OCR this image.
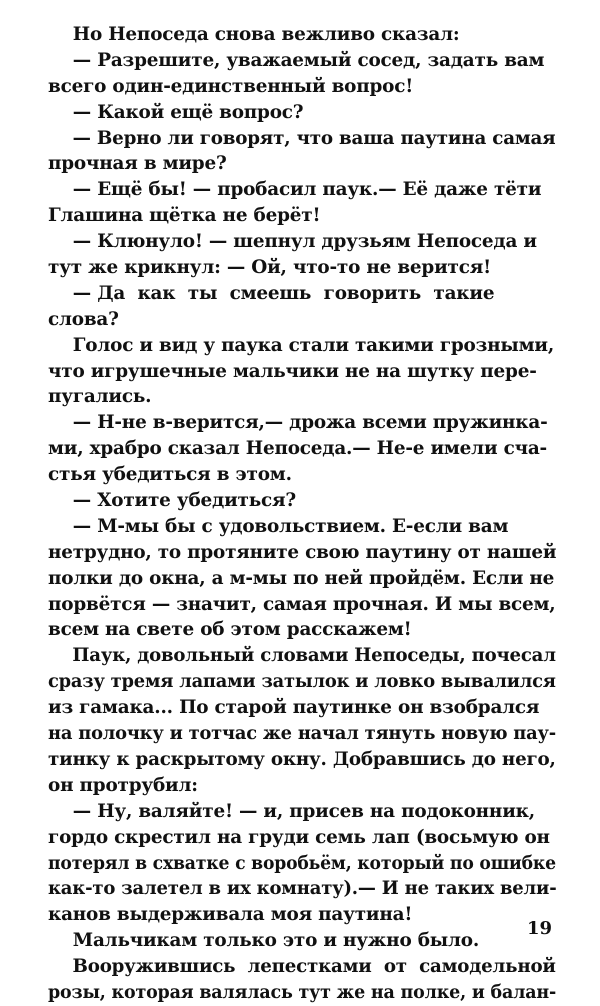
Но Непоседа снова вежливо сказал:
— Разрешите, уважаемый сосед, задать вам
всего один-единственный вопрос!
— Какой ещё вопрос?
— Верно ли говорят, что ваша паутина самая
прочная в мире?
— Ещё бы! — пробасил паук.— Её даже тёти
Глашина щётка не берёт!
— Клюнуло! — шепнул друзьям Непоседа и
тут же крикнул: — Ой, что-то не верится!
— Да  как  ты  смеешь  говорить  такие
слова?
Голос и вид у паука стали такими грозными,
что игрушечные мальчики не на шутку пере-
пугались.
— Н-не в-верится,— дрожа всеми пружинка-
ми, храбро сказал Непоседа.— Не-е имели сча-
стья убедиться в этом.
— Хотите убедиться?
— М-мы бы с удовольствием. Е-если вам
нетрудно, то протяните свою паутину от нашей
полки до окна, а м-мы по ней пройдём. Если не
порвётся — значит, самая прочная. И мы всем,
всем на свете об этом расскажем!
Паук, довольный словами Непоседы, почесал
сразу тремя лапами затылок и ловко вывалился
из гамака... По старой паутинке он взобрался
на полочку и тотчас же начал тянуть новую пау-
тинку к раскрытому окну. Добравшись до него,
он протрубил:
— Ну, валяйте! — и, присев на подоконник,
гордо скрестил на груди семь лап (восьмую он
потерял в схватке с воробьём, который по ошибке
как-то залетел в их комнату).— И не таких вели-
канов выдерживала моя паутина!
Мальчикам только это и нужно было.
Вооружившись  лепестками  от  самодельной
розы, которая валялась тут же на полке, и балан-
19
